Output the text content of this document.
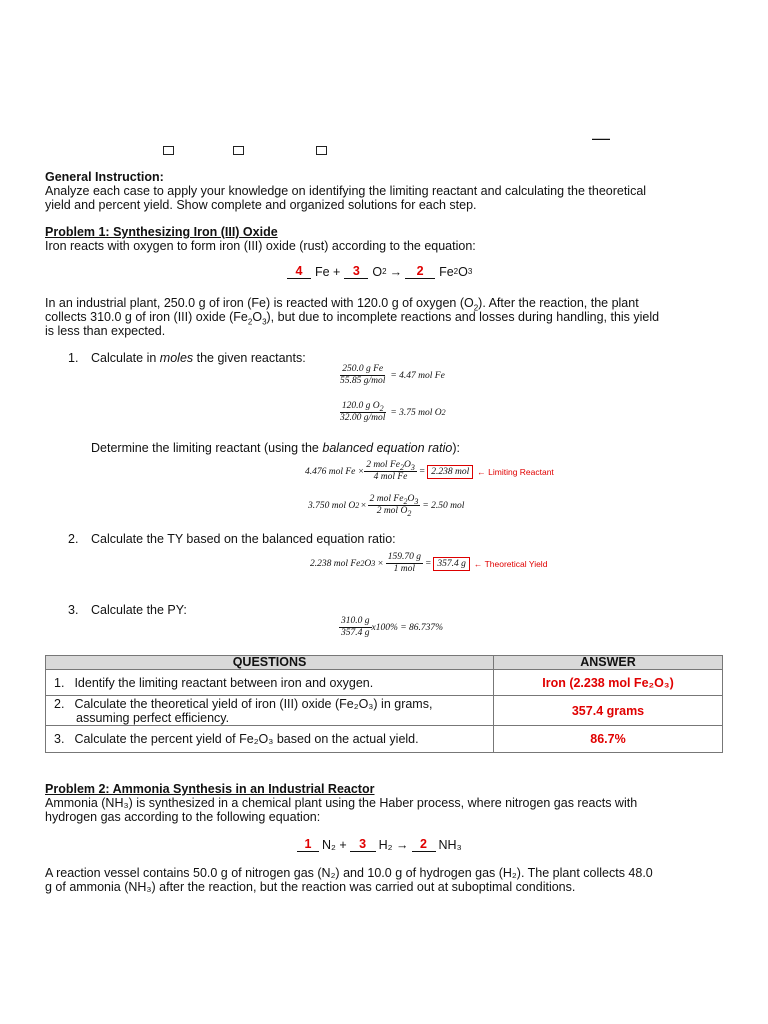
—
General Instruction:
Analyze each case to apply your knowledge on identifying the limiting reactant and calculating the theoretical
yield and percent yield. Show complete and organized solutions for each step.
Problem 1: Synthesizing Iron (III) Oxide
Iron reacts with oxygen to form iron (III) oxide (rust) according to the equation:
4	Fe +	3	O 2 →	2	Fe 2 O 3
In an industrial plant, 250.0 g of iron (Fe) is reacted with 120.0 g of oxygen $(O_2)$. After the reaction, the plant
collects 310.0 g of iron (III) oxide $(Fe_2O_3)$, but due to incomplete reactions and losses during handling, this yield
is less than expected.
1. Calculate in moles the given reactants:
$\frac{\text{250.0 g Fe}}{\text{55.85 g/mol}} = 4.47$ mol Fe
$\frac{120.0 g O_2}{\text{32.00 g/mol}} = 3.75$ mol O 2
Determine the limiting reactant (using the balanced equation ratio):
4.476 mol $Fe \times \frac{2 mol Fe_2O_3}{\text{4 mol Fe}} = 2.238$ mol ← Limiting Reactant
3.750 mol O $2 \times \frac{2 mol Fe_2O_3}{2 mol O_2} = 2.50$ mol
2. Calculate the TY based on the balanced equation ratio:
2.238 mol Fe 2 O $3 \times \frac{159.70 g}{\text{1 mol}} = 357.4$ g ← Theoretical Yield
3. Calculate the PY:
$\frac{310.0 g}{357.4 g} x100\% = 86.737\%$
QUESTIONS	ANSWER
1. Identify the limiting reactant between iron and oxygen.	Iron (2.238 mol Fe₂O₃)

2. Calculate the theoretical yield of iron (III) oxide (Fe₂O₃) in grams,
assuming perfect efficiency.	357.4 grams
3. Calculate the percent yield of Fe₂O₃ based on the actual yield.	86.7%
Problem 2: Ammonia Synthesis in an Industrial Reactor
Ammonia (NH₃) is synthesized in a chemical plant using the Haber process, where nitrogen gas reacts with
hydrogen gas according to the following equation:
1 N₂ +	3	H₂ → 2 NH₃
A reaction vessel contains 50.0 g of nitrogen gas (N₂) and 10.0 g of hydrogen gas (H₂). The plant collects 48.0
g of ammonia (NH₃) after the reaction, but the reaction was carried out at suboptimal conditions.
